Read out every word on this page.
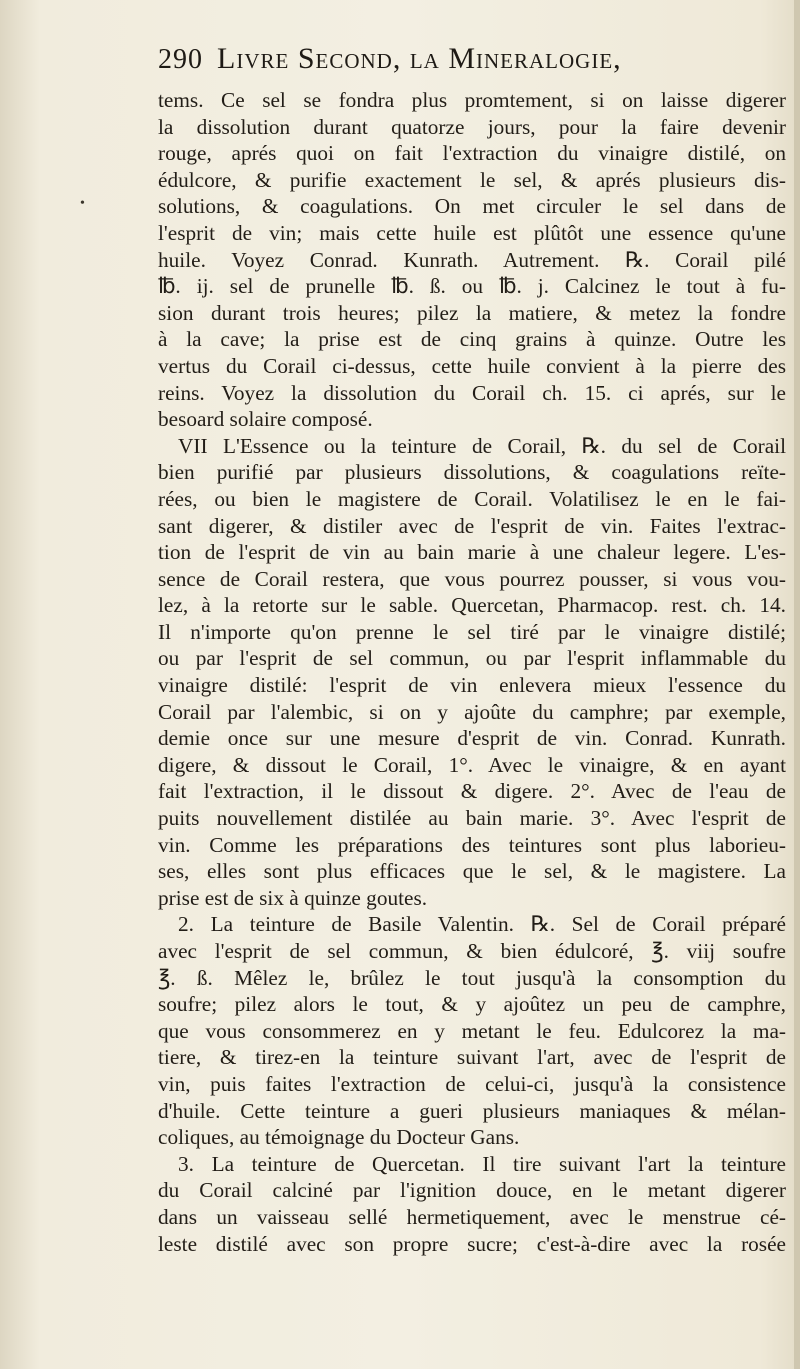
290 Livre Second, la Mineralogie,
tems. Ce sel se fondra plus promtement, si on laisse digerer
la dissolution durant quatorze jours, pour la faire devenir
rouge, aprés quoi on fait l'extraction du vinaigre distilé, on
édulcore, & purifie exactement le sel, & aprés plusieurs dis-
solutions, & coagulations. On met circuler le sel dans de
l'esprit de vin; mais cette huile est plûtôt une essence qu'une
huile. Voyez Conrad. Kunrath. Autrement. ℞. Corail pilé
℔. ij. sel de prunelle ℔. ß. ou ℔. j. Calcinez le tout à fu-
sion durant trois heures; pilez la matiere, & metez la fondre
à la cave; la prise est de cinq grains à quinze. Outre les
vertus du Corail ci-dessus, cette huile convient à la pierre des
reins. Voyez la dissolution du Corail ch. 15. ci aprés, sur le
besoard solaire composé.
VII L'Essence ou la teinture de Corail, ℞. du sel de Corail
bien purifié par plusieurs dissolutions, & coagulations reïte-
rées, ou bien le magistere de Corail. Volatilisez le en le fai-
sant digerer, & distiler avec de l'esprit de vin. Faites l'extrac-
tion de l'esprit de vin au bain marie à une chaleur legere. L'es-
sence de Corail restera, que vous pourrez pousser, si vous vou-
lez, à la retorte sur le sable. Quercetan, Pharmacop. rest. ch. 14.
Il n'importe qu'on prenne le sel tiré par le vinaigre distilé;
ou par l'esprit de sel commun, ou par l'esprit inflammable du
vinaigre distilé: l'esprit de vin enlevera mieux l'essence du
Corail par l'alembic, si on y ajoûte du camphre; par exemple,
demie once sur une mesure d'esprit de vin. Conrad. Kunrath.
digere, & dissout le Corail, 1°. Avec le vinaigre, & en ayant
fait l'extraction, il le dissout & digere. 2°. Avec de l'eau de
puits nouvellement distilée au bain marie. 3°. Avec l'esprit de
vin. Comme les préparations des teintures sont plus laborieu-
ses, elles sont plus efficaces que le sel, & le magistere. La
prise est de six à quinze goutes.
2. La teinture de Basile Valentin. ℞. Sel de Corail préparé
avec l'esprit de sel commun, & bien édulcoré, ℥. viij soufre
℥. ß. Mêlez le, brûlez le tout jusqu'à la consomption du
soufre; pilez alors le tout, & y ajoûtez un peu de camphre,
que vous consommerez en y metant le feu. Edulcorez la ma-
tiere, & tirez-en la teinture suivant l'art, avec de l'esprit de
vin, puis faites l'extraction de celui-ci, jusqu'à la consistence
d'huile. Cette teinture a gueri plusieurs maniaques & mélan-
coliques, au témoignage du Docteur Gans.
3. La teinture de Quercetan. Il tire suivant l'art la teinture
du Corail calciné par l'ignition douce, en le metant digerer
dans un vaisseau sellé hermetiquement, avec le menstrue cé-
leste distilé avec son propre sucre; c'est-à-dire avec la rosée
•
